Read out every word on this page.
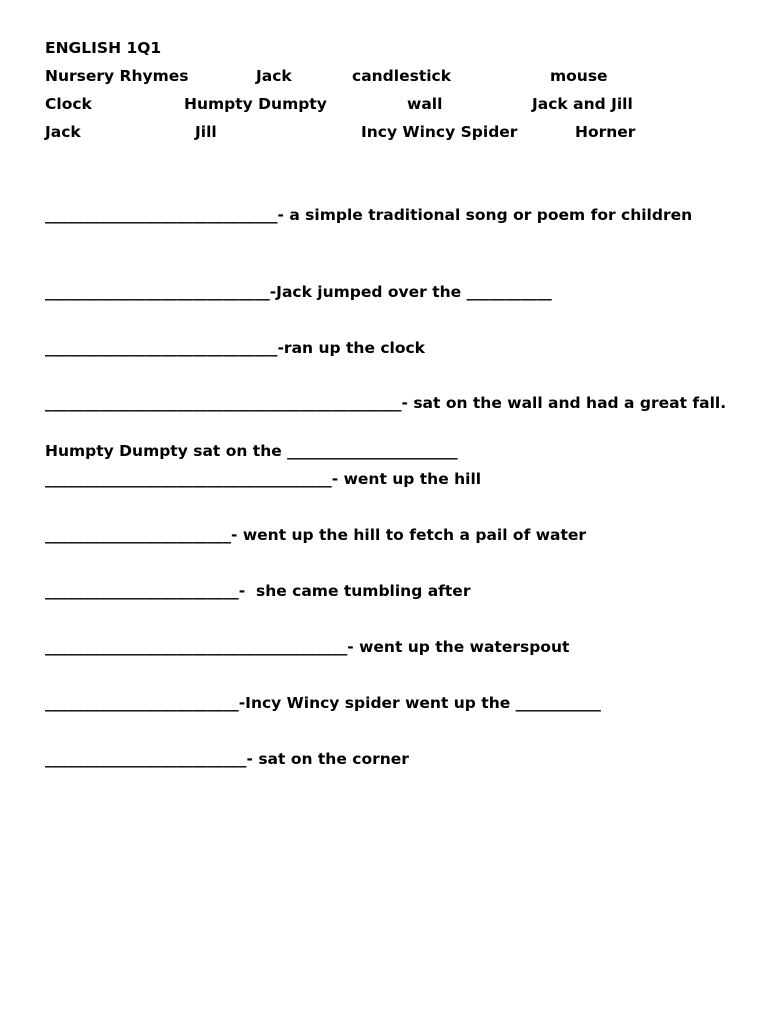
ENGLISH 1Q1
Nursery Rhymes	Jack	candlestick	mouse
Clock	Humpty Dumpty	wall	Jack and Jill
Jack	Jill	Incy Wincy Spider	Horner
______________________________- a simple traditional song or poem for children
_____________________________-Jack jumped over the ___________
______________________________-ran up the clock
______________________________________________- sat on the wall and had a great fall.
Humpty Dumpty sat on the ______________________
_____________________________________- went up the hill
________________________- went up the hill to fetch a pail of water
_________________________-  she came tumbling after
_______________________________________- went up the waterspout
_________________________-Incy Wincy spider went up the ___________
__________________________- sat on the corner
